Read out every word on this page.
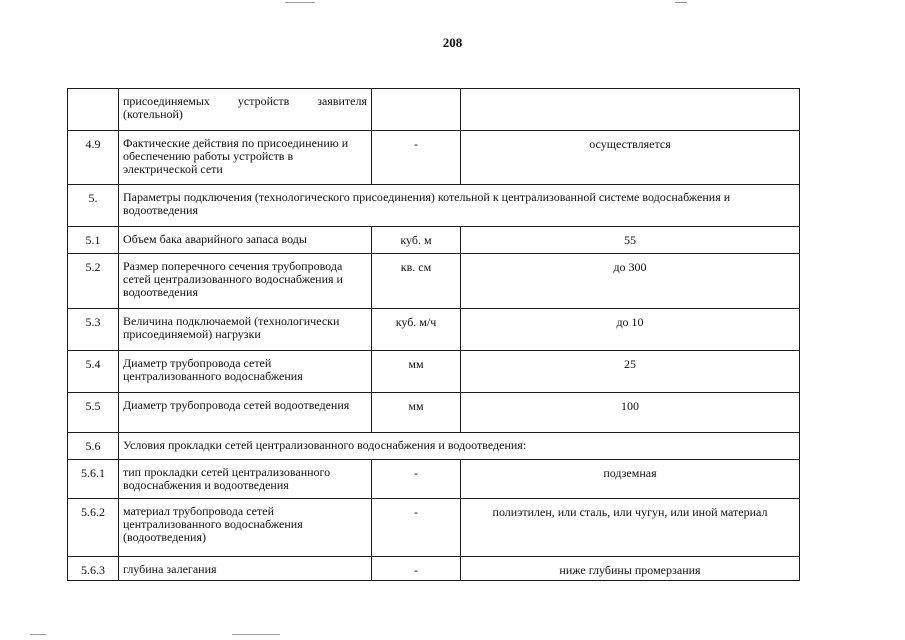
208

	присоединяемых устройств заявителя
(котельной)		

4.9	Фактические действия по присоединению и обеспечению работы устройств в электрической сети	-	осуществляется
5.	Параметры подключения (технологического присоединения) котельной к централизованной системе водоснабжения и водоотведения		
5.1	Объем бака аварийного запаса воды	куб. м	55
5.2	Размер поперечного сечения трубопровода сетей централизованного водоснабжения и водоотведения	кв. см	до 300
5.3	Величина подключаемой (технологически присоединяемой) нагрузки	куб. м/ч	до 10
5.4	Диаметр трубопровода сетей централизованного водоснабжения	мм	25
5.5	Диаметр трубопровода сетей водоотведения	мм	100
5.6	Условия прокладки сетей централизованного водоснабжения и водоотведения:		
5.6.1	тип прокладки сетей централизованного водоснабжения и водоотведения	-	подземная
5.6.2	материал трубопровода сетей централизованного водоснабжения (водоотведения)	-	полиэтилен, или сталь, или чугун, или иной материал
5.6.3	глубина залегания	-	ниже глубины промерзания
